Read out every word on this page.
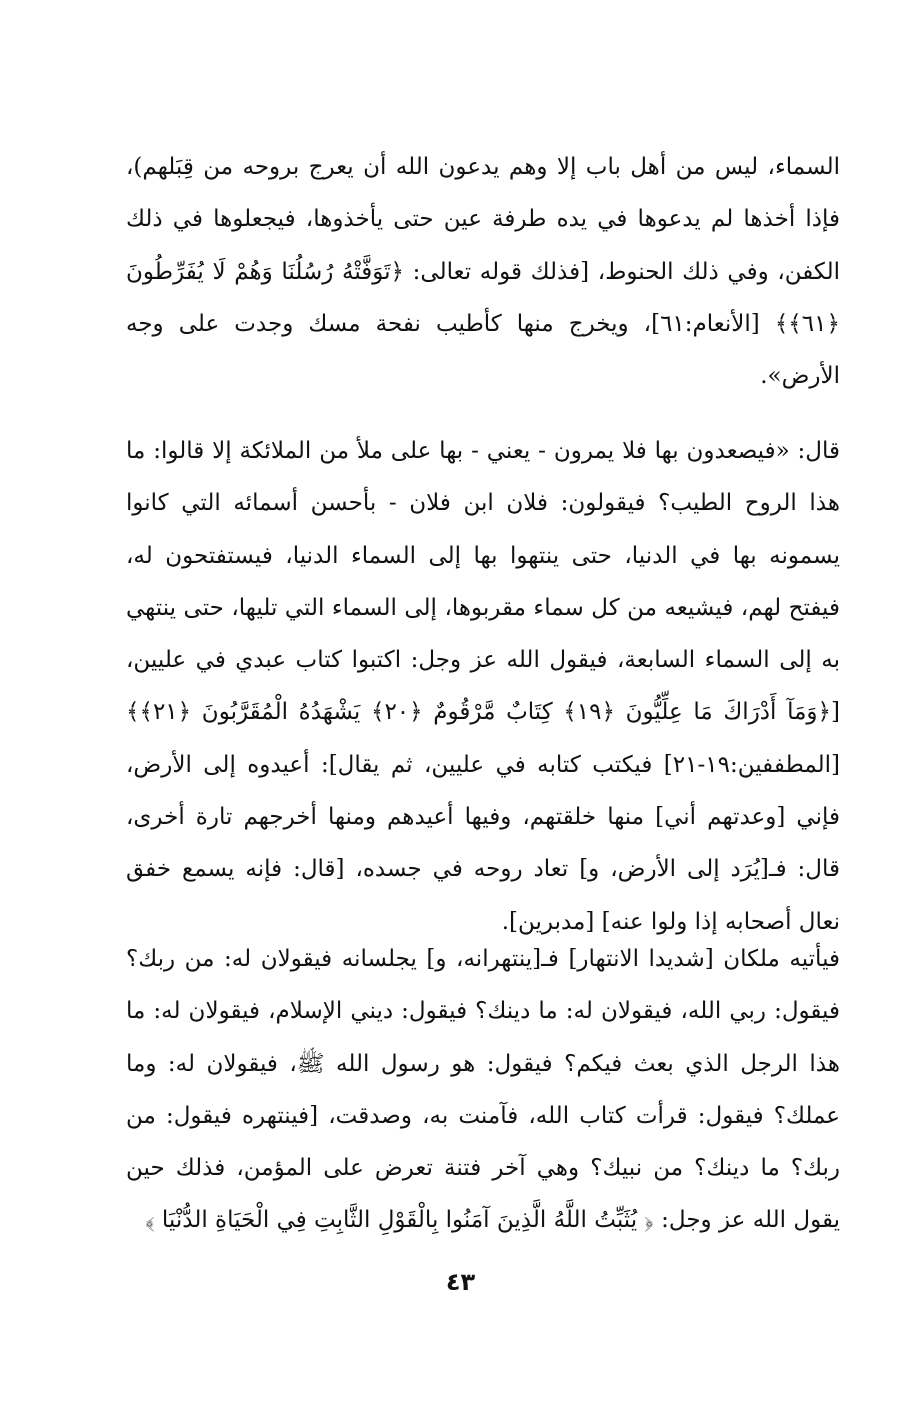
السماء، ليس من أهل باب إلا وهم يدعون الله أن يعرج بروحه من قِبَلهم)، فإذا أخذها لم يدعوها في يده طرفة عين حتى يأخذوها، فيجعلوها في ذلك الكفن، وفي ذلك الحنوط، [فذلك قوله تعالى: ﴿تَوَفَّتْهُ رُسُلُنَا وَهُمْ لَا يُفَرِّطُونَ ﴿٦١﴾﴾ [الأنعام:٦١]، ويخرج منها كأطيب نفحة مسك وجدت على وجه الأرض».

قال: «فيصعدون بها فلا يمرون - يعني - بها على ملأ من الملائكة إلا قالوا: ما هذا الروح الطيب؟ فيقولون: فلان ابن فلان - بأحسن أسمائه التي كانوا يسمونه بها في الدنيا، حتى ينتهوا بها إلى السماء الدنيا، فيستفتحون له، فيفتح لهم، فيشيعه من كل سماء مقربوها، إلى السماء التي تليها، حتى ينتهي به إلى السماء السابعة، فيقول الله عز وجل: اكتبوا كتاب عبدي في عليين، [﴿وَمَآ أَدْرَاكَ مَا عِلِّيُّونَ ﴿١٩﴾ كِتَابٌ مَّرْقُومٌ ﴿٢٠﴾ يَشْهَدُهُ الْمُقَرَّبُونَ ﴿٢١﴾﴾ [المطففين:١٩-٢١] فيكتب كتابه في عليين، ثم يقال]: أعيدوه إلى الأرض، فإني [وعدتهم أني] منها خلقتهم، وفيها أعيدهم ومنها أخرجهم تارة أخرى، قال: فـ[يُرَد إلى الأرض، و] تعاد روحه في جسده، [قال: فإنه يسمع خفق نعال أصحابه إذا ولوا عنه] [مدبرين].

فيأتيه ملكان [شديدا الانتهار] فـ[ينتهرانه، و] يجلسانه فيقولان له: من ربك؟ فيقول: ربي الله، فيقولان له: ما دينك؟ فيقول: ديني الإسلام، فيقولان له: ما هذا الرجل الذي بعث فيكم؟ فيقول: هو رسول الله ﷺ، فيقولان له: وما عملك؟ فيقول: قرأت كتاب الله، فآمنت به، وصدقت، [فينتهره فيقول: من ربك؟ ما دينك؟ من نبيك؟ وهي آخر فتنة تعرض على المؤمن، فذلك حين يقول الله عز وجل: ﴿ يُثَبِّتُ اللَّهُ الَّذِينَ آمَنُوا بِالْقَوْلِ الثَّابِتِ فِي الْحَيَاةِ الدُّنْيَا ﴾

٤٣
